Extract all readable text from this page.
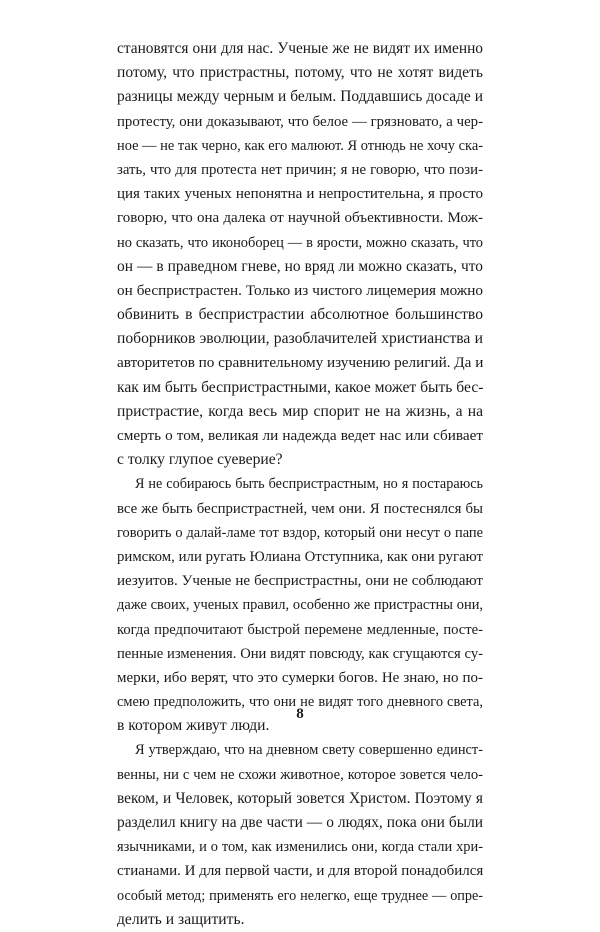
становятся они для нас. Ученые же не видят их именно
потому, что пристрастны, потому, что не хотят видеть
разницы между черным и белым. Поддавшись досаде и
протесту, они доказывают, что белое — грязновато, а чер-
ное — не так черно, как его малюют. Я отнюдь не хочу ска-
зать, что для протеста нет причин; я не говорю, что пози-
ция таких ученых непонятна и непростительна, я просто
говорю, что она далека от научной объективности. Мож-
но сказать, что иконоборец — в ярости, можно сказать, что
он — в праведном гневе, но вряд ли можно сказать, что
он беспристрастен. Только из чистого лицемерия можно
обвинить в беспристрастии абсолютное большинство
поборников эволюции, разоблачителей христианства и
авторитетов по сравнительному изучению религий. Да и
как им быть беспристрастными, какое может быть бес-
пристрастие, когда весь мир спорит не на жизнь, а на
смерть о том, великая ли надежда ведет нас или сбивает
с толку глупое суеверие?
Я не собираюсь быть беспристрастным, но я постараюсь
все же быть беспристрастней, чем они. Я постеснялся бы
говорить о далай-ламе тот вздор, который они несут о папе
римском, или ругать Юлиана Отступника, как они ругают
иезуитов. Ученые не беспристрастны, они не соблюдают
даже своих, ученых правил, особенно же пристрастны они,
когда предпочитают быстрой перемене медленные, посте-
пенные изменения. Они видят повсюду, как сгущаются су-
мерки, ибо верят, что это сумерки богов. Не знаю, но по-
смею предположить, что они не видят того дневного света,
в котором живут люди.
Я утверждаю, что на дневном свету совершенно единст-
венны, ни с чем не схожи животное, которое зовется чело-
веком, и Человек, который зовется Христом. Поэтому я
разделил книгу на две части — о людях, пока они были
язычниками, и о том, как изменились они, когда стали хри-
стианами. И для первой части, и для второй понадобился
особый метод; применять его нелегко, еще труднее — опре-
делить и защитить.
8
